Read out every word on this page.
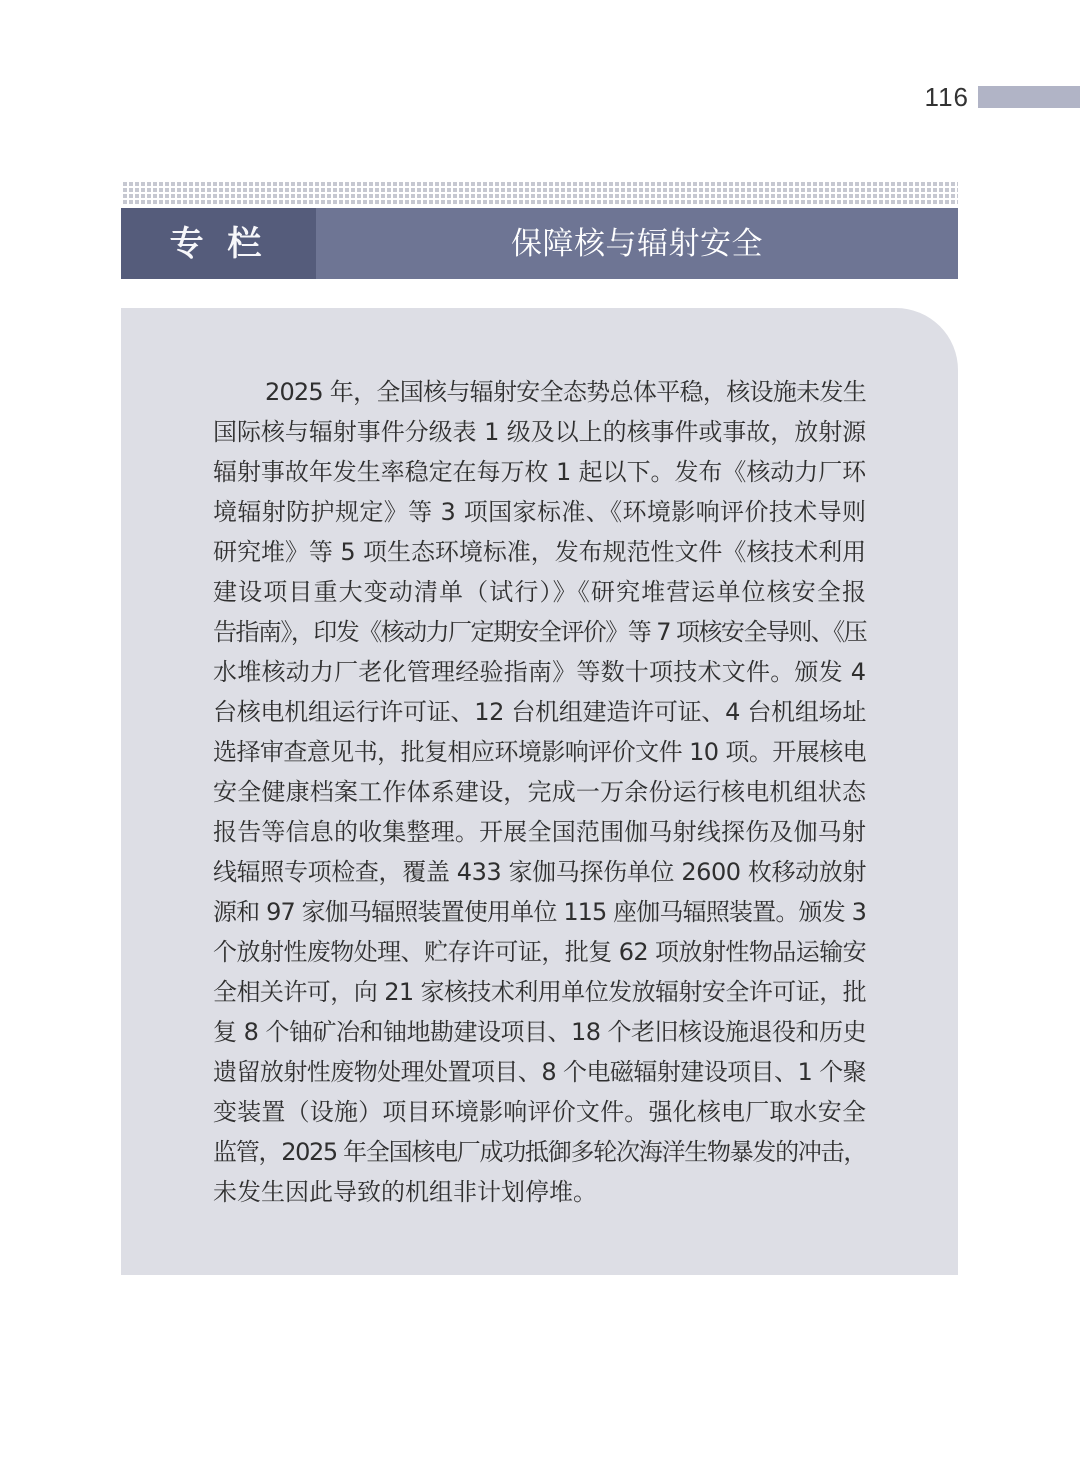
116
专 栏	保障核与辐射安全
2025 年，全国核与辐射安全态势总体平稳，核设施未发生
国际核与辐射事件分级表 1 级及以上的核事件或事故，放射源
辐射事故年发生率稳定在每万枚 1 起以下。发布《核动力厂环
境辐射防护规定》等 3 项国家标准、《环境影响评价技术导则
研究堆》等 5 项生态环境标准，发布规范性文件《核技术利用
建设项目重大变动清单（试行）》《研究堆营运单位核安全报
告指南》，印发《核动力厂定期安全评价》等 7 项核安全导则、《压
水堆核动力厂老化管理经验指南》等数十项技术文件。颁发 4
台核电机组运行许可证、12 台机组建造许可证、4 台机组场址
选择审查意见书，批复相应环境影响评价文件 10 项。开展核电
安全健康档案工作体系建设，完成一万余份运行核电机组状态
报告等信息的收集整理。开展全国范围伽马射线探伤及伽马射
线辐照专项检查，覆盖 433 家伽马探伤单位 2600 枚移动放射
源和 97 家伽马辐照装置使用单位 115 座伽马辐照装置。颁发 3
个放射性废物处理、贮存许可证，批复 62 项放射性物品运输安
全相关许可，向 21 家核技术利用单位发放辐射安全许可证，批
复 8 个铀矿冶和铀地勘建设项目、18 个老旧核设施退役和历史
遗留放射性废物处理处置项目、8 个电磁辐射建设项目、1 个聚
变装置（设施）项目环境影响评价文件。强化核电厂取水安全
监管，2025 年全国核电厂成功抵御多轮次海洋生物暴发的冲击，
未发生因此导致的机组非计划停堆。
